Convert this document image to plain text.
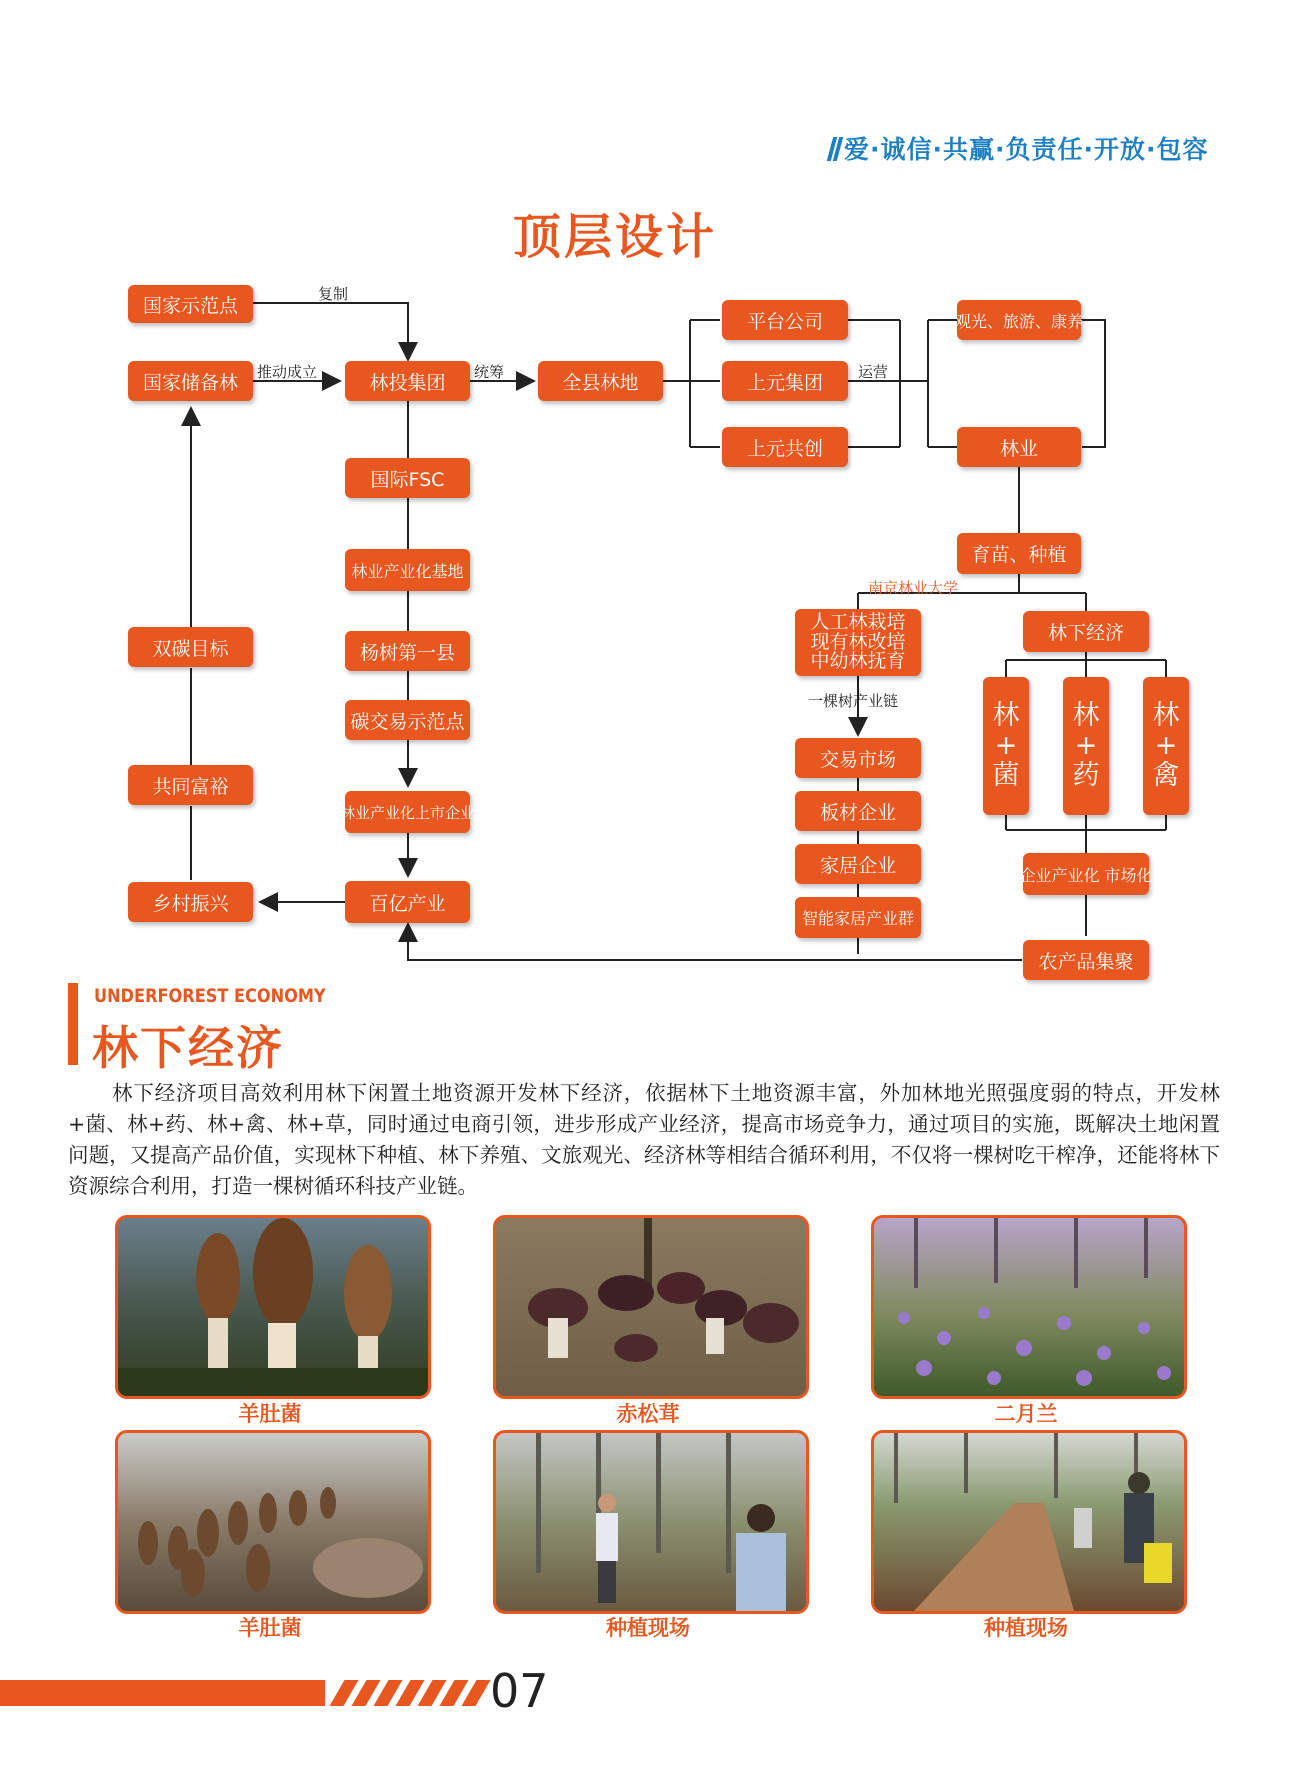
爱·诚信·共赢·负责任·开放·包容
顶层设计
复制
推动成立	统筹	运营
南京林业大学
一棵树产业链
国家示范点
国家储备林	林投集团	全县林地
平台公司
上元集团
上元共创
观光、旅游、康养
林业
国际FSC
林业产业化基地
杨树第一县
碳交易示范点
林业产业化上市企业
百亿产业
双碳目标
共同富裕
乡村振兴
育苗、种植
人工林栽培
现有林改培
中幼林抚育
林下经济
林
+
菌
林
+
药
林
+
禽
交易市场
板材企业
家居企业
智能家居产业群
企业产业化 市场化
农产品集聚
UNDERFOREST ECONOMY
林下经济
林下经济项目高效利用林下闲置土地资源开发林下经济，依据林下土地资源丰富，外加林地光照强度弱的特点，开发林+菌、林+药、林+禽、林+草，同时通过电商引领，进步形成产业经济，提高市场竞争力，通过项目的实施，既解决土地闲置问题，又提高产品价值，实现林下种植、林下养殖、文旅观光、经济林等相结合循环利用，不仅将一棵树吃干榨净，还能将林下资源综合利用，打造一棵树循环科技产业链。
羊肚菌	赤松茸	二月兰
羊肚菌	种植现场	种植现场
07
